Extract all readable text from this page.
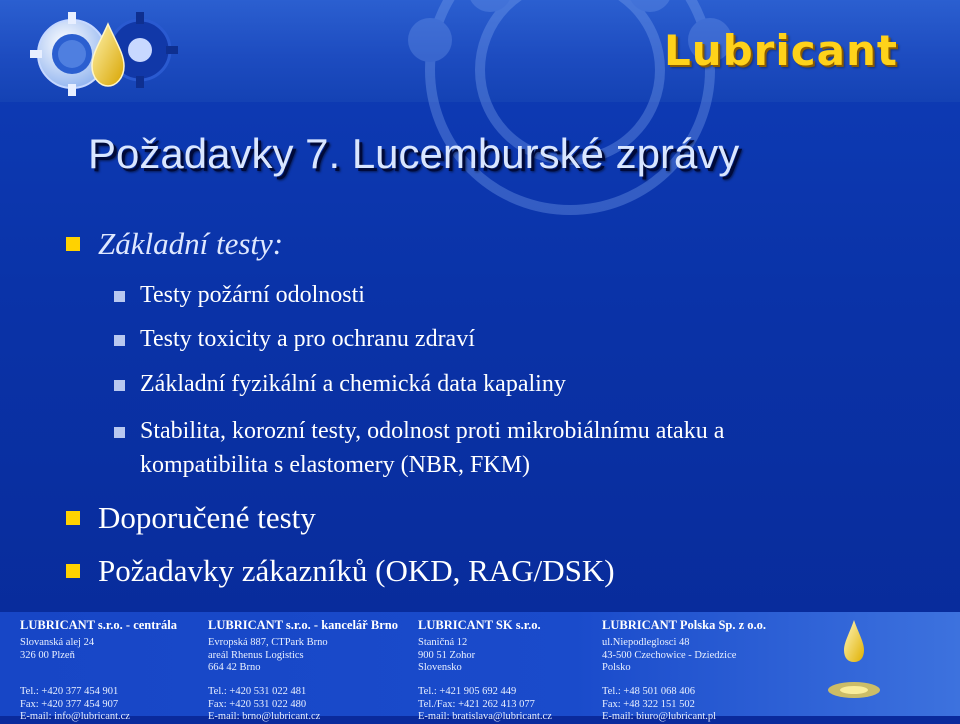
Lubricant
Požadavky 7. Lucemburské zprávy
Základní testy:
Testy požární odolnosti
Testy toxicity a pro ochranu zdraví
Základní fyzikální a chemická data kapaliny
Stabilita, korozní testy, odolnost proti mikrobiálnímu ataku a
kompatibilita s elastomery (NBR, FKM)
Doporučené testy
Požadavky zákazníků (OKD, RAG/DSK)
LUBRICANT s.r.o. - centrála
Slovanská alej 24
326 00 Plzeň
Tel.: +420 377 454 901
Fax: +420 377 454 907
E-mail: info@lubricant.cz
LUBRICANT s.r.o. - kancelář Brno
Evropská 887, CTPark Brno
areál Rhenus Logistics
664 42 Brno
Tel.: +420 531 022 481
Fax: +420 531 022 480
E-mail: brno@lubricant.cz
LUBRICANT SK s.r.o.
Staničná 12
900 51 Zohor
Slovensko
Tel.: +421 905 692 449
Tel./Fax: +421 262 413 077
E-mail: bratislava@lubricant.cz
LUBRICANT Polska Sp. z o.o.
ul.Niepodleglosci 48
43-500 Czechowice - Dziedzice
Polsko
Tel.: +48 501 068 406
Fax: +48 322 151 502
E-mail: biuro@lubricant.pl
